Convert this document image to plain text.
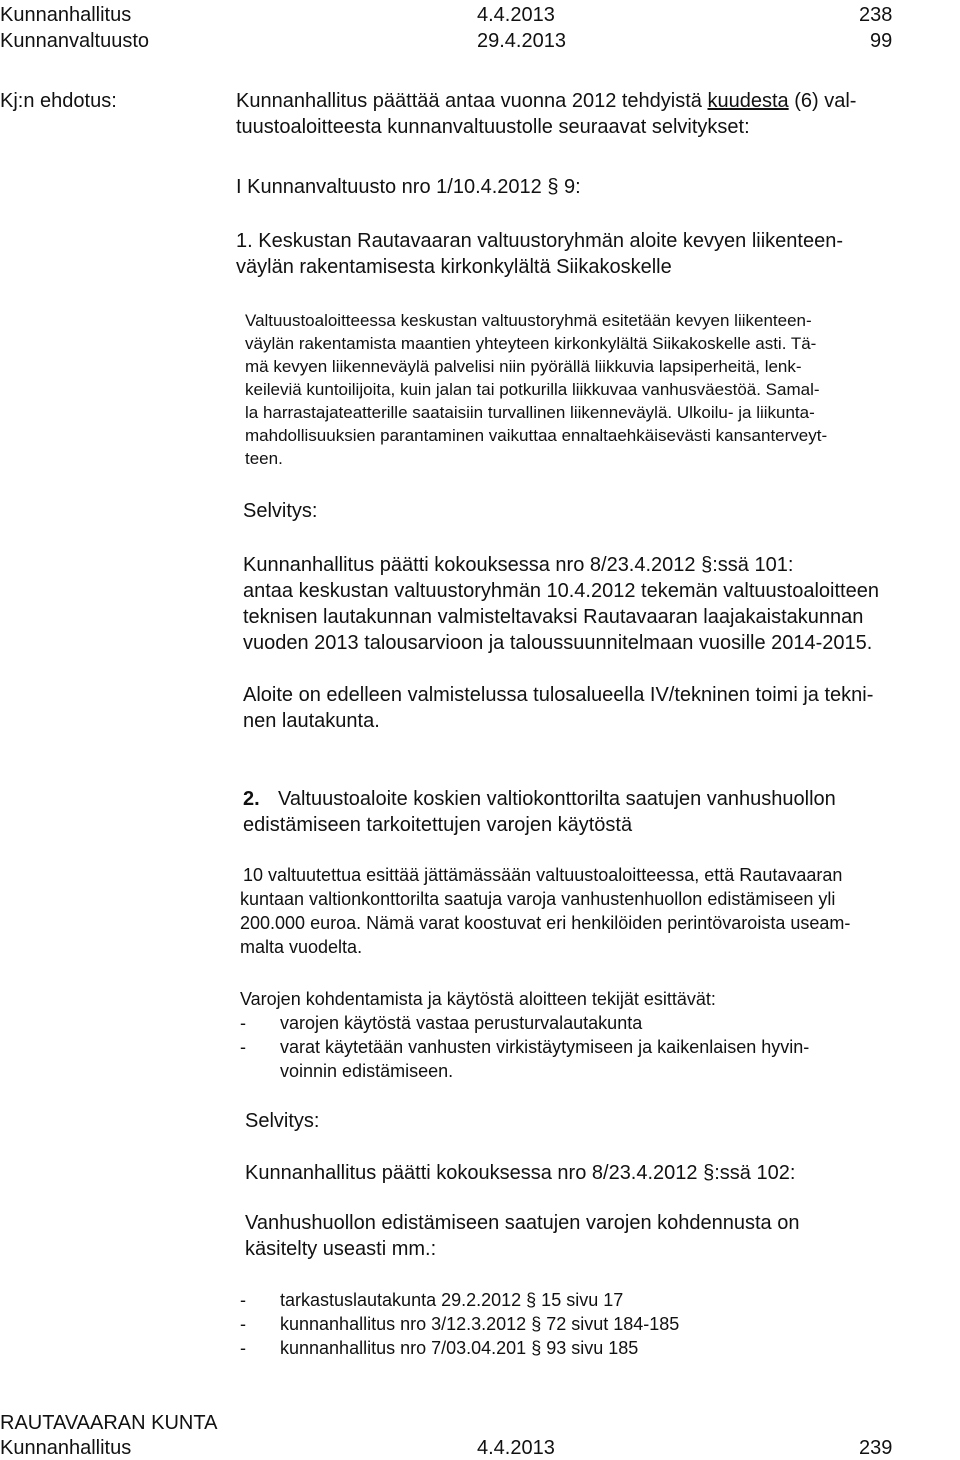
Kunnanhallitus	4.4.2013	238
Kunnanvaltuusto	29.4.2013	99
Kj:n ehdotus:	Kunnanhallitus päättää antaa vuonna 2012 tehdyistä kuudesta (6) val-
tuustoaloitteesta kunnanvaltuustolle seuraavat selvitykset:
I Kunnanvaltuusto nro 1/10.4.2012 § 9:
1. Keskustan Rautavaaran valtuustoryhmän aloite kevyen liikenteen-
väylän rakentamisesta kirkonkylältä Siikakoskelle
Valtuustoaloitteessa keskustan valtuustoryhmä esitetään kevyen liikenteen-
väylän rakentamista maantien yhteyteen kirkonkylältä Siikakoskelle asti. Tä-
mä kevyen liikenneväylä palvelisi niin pyörällä liikkuvia lapsiperheitä, lenk-
keileviä kuntoilijoita, kuin jalan tai potkurilla liikkuvaa vanhusväestöä. Samal-
la harrastajateatterille saataisiin turvallinen liikenneväylä. Ulkoilu- ja liikunta-
mahdollisuuksien parantaminen vaikuttaa ennaltaehkäisevästi kansanterveyt-
teen.
Selvitys:
Kunnanhallitus päätti kokouksessa nro 8/23.4.2012 §:ssä 101:
antaa keskustan valtuustoryhmän 10.4.2012 tekemän valtuustoaloitteen
teknisen lautakunnan valmisteltavaksi Rautavaaran laajakaistakunnan
vuoden 2013 talousarvioon ja taloussuunnitelmaan vuosille 2014-2015.
Aloite on edelleen valmistelussa tulosalueella IV/tekninen toimi ja tekni-
nen lautakunta.
2. Valtuustoaloite koskien valtiokonttorilta saatujen vanhushuollon
edistämiseen tarkoitettujen varojen käytöstä
10 valtuutettua esittää jättämässään valtuustoaloitteessa, että Rautavaaran
kuntaan valtionkonttorilta saatuja varoja vanhustenhuollon edistämiseen yli
200.000 euroa. Nämä varat koostuvat eri henkilöiden perintövaroista useam-
malta vuodelta.
Varojen kohdentamista ja käytöstä aloitteen tekijät esittävät:
- varojen käytöstä vastaa perusturvalautakunta
- varat käytetään vanhusten virkistäytymiseen ja kaikenlaisen hyvin-
voinnin edistämiseen.
Selvitys:
Kunnanhallitus päätti kokouksessa nro 8/23.4.2012 §:ssä 102:
Vanhushuollon edistämiseen saatujen varojen kohdennusta on
käsitelty useasti mm.:
- tarkastuslautakunta 29.2.2012 § 15 sivu 17
- kunnanhallitus nro 3/12.3.2012 § 72 sivut 184-185
- kunnanhallitus nro 7/03.04.201 § 93 sivu 185
RAUTAVAARAN KUNTA
Kunnanhallitus	4.4.2013	239
